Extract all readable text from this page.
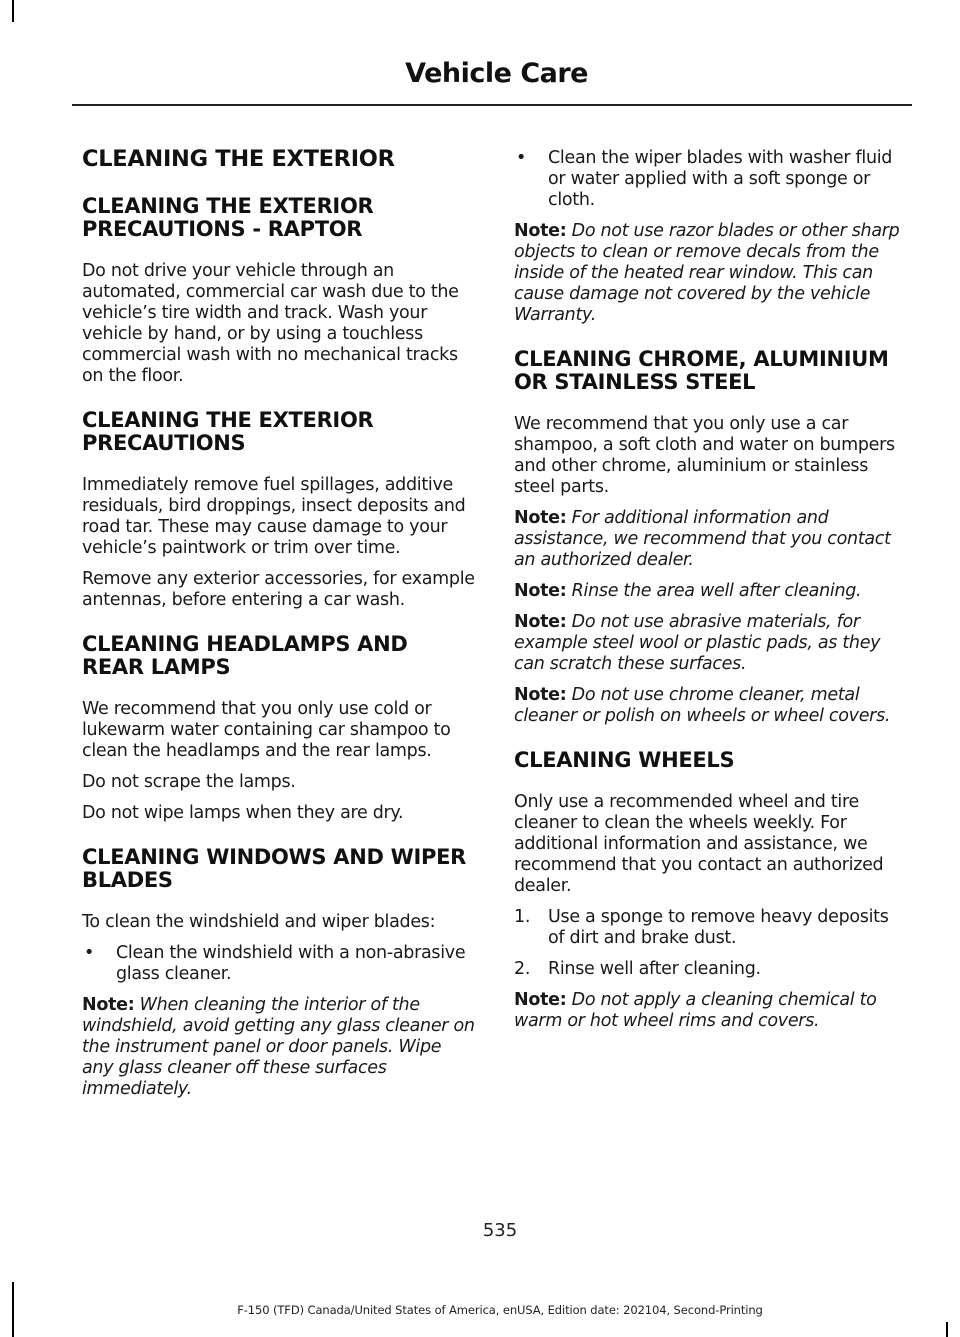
Vehicle Care
CLEANING THE EXTERIOR
CLEANING THE EXTERIOR PRECAUTIONS - RAPTOR

Do not drive your vehicle through an automated, commercial car wash due to the vehicle’s tire width and track. Wash your vehicle by hand, or by using a touchless commercial wash with no mechanical tracks on the floor.

CLEANING THE EXTERIOR PRECAUTIONS

Immediately remove fuel spillages, additive residuals, bird droppings, insect deposits and road tar. These may cause damage to your vehicle’s paintwork or trim over time.

Remove any exterior accessories, for example antennas, before entering a car wash.

CLEANING HEADLAMPS AND REAR LAMPS

We recommend that you only use cold or lukewarm water containing car shampoo to clean the headlamps and the rear lamps.

Do not scrape the lamps.

Do not wipe lamps when they are dry.

CLEANING WINDOWS AND WIPER BLADES

To clean the windshield and wiper blades:

• Clean the windshield with a non-abrasive glass cleaner.

Note: When cleaning the interior of the windshield, avoid getting any glass cleaner on the instrument panel or door panels. Wipe any glass cleaner off these surfaces immediately.

• Clean the wiper blades with washer fluid or water applied with a soft sponge or cloth.

Note: Do not use razor blades or other sharp objects to clean or remove decals from the inside of the heated rear window. This can cause damage not covered by the vehicle Warranty.

CLEANING CHROME, ALUMINIUM OR STAINLESS STEEL

We recommend that you only use a car shampoo, a soft cloth and water on bumpers and other chrome, aluminium or stainless steel parts.

Note: For additional information and assistance, we recommend that you contact an authorized dealer.

Note: Rinse the area well after cleaning.

Note: Do not use abrasive materials, for example steel wool or plastic pads, as they can scratch these surfaces.

Note: Do not use chrome cleaner, metal cleaner or polish on wheels or wheel covers.

CLEANING WHEELS

Only use a recommended wheel and tire cleaner to clean the wheels weekly. For additional information and assistance, we recommend that you contact an authorized dealer.

1. Use a sponge to remove heavy deposits of dirt and brake dust.
2. Rinse well after cleaning.

Note: Do not apply a cleaning chemical to warm or hot wheel rims and covers.

535
F-150 (TFD) Canada/United States of America, enUSA, Edition date: 202104, Second-Printing
